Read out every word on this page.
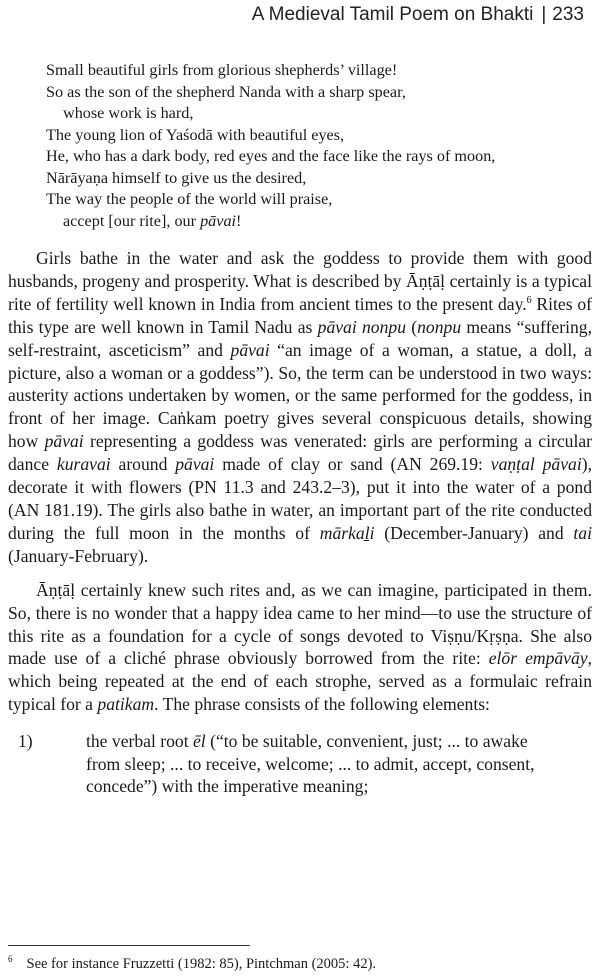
A Medieval Tamil Poem on Bhakti | 233
Small beautiful girls from glorious shepherds’ village!
So as the son of the shepherd Nanda with a sharp spear,
whose work is hard,
The young lion of Yaśodā with beautiful eyes,
He, who has a dark body, red eyes and the face like the rays of moon,
Nārāyaṇa himself to give us the desired,
The way the people of the world will praise,
accept [our rite], our pāvai!

Girls bathe in the water and ask the goddess to provide them with good husbands, progeny and prosperity. What is described by Āṇṭāḷ certainly is a typical rite of fertility well known in India from ancient times to the present day.$^6$ Rites of this type are well known in Tamil Nadu as pāvai nonpu (nonpu means “suffering, self-restraint, asceticism” and pāvai “an image of a woman, a statue, a doll, a picture, also a woman or a goddess”). So, the term can be understood in two ways: austerity actions undertaken by women, or the same performed for the goddess, in front of her image. Caṅkam poetry gives several conspicuous details, showing how pāvai representing a goddess was venerated: girls are performing a circular dance kuravai around pāvai made of clay or sand (AN 269.19: vaṇṭal pāvai), decorate it with flowers (PN 11.3 and 243.2–3), put it into the water of a pond (AN 181.19). The girls also bathe in water, an important part of the rite conducted during the full moon in the months of mārkaḻi (December-January) and tai (January-February).

Āṇṭāḷ certainly knew such rites and, as we can imagine, participated in them. So, there is no wonder that a happy idea came to her mind—to use the structure of this rite as a foundation for a cycle of songs devoted to Viṣṇu/Kṛṣṇa. She also made use of a cliché phrase obviously borrowed from the rite: elōr empāvāy, which being repeated at the end of each strophe, served as a formulaic refrain typical for a patikam. The phrase consists of the following elements:

1)	the verbal root ēl (“to be suitable, convenient, just; ... to awake from sleep; ... to receive, welcome; ... to admit, accept, consent, concede”) with the imperative meaning;
$^6$ See for instance Fruzzetti (1982: 85), Pintchman (2005: 42).
